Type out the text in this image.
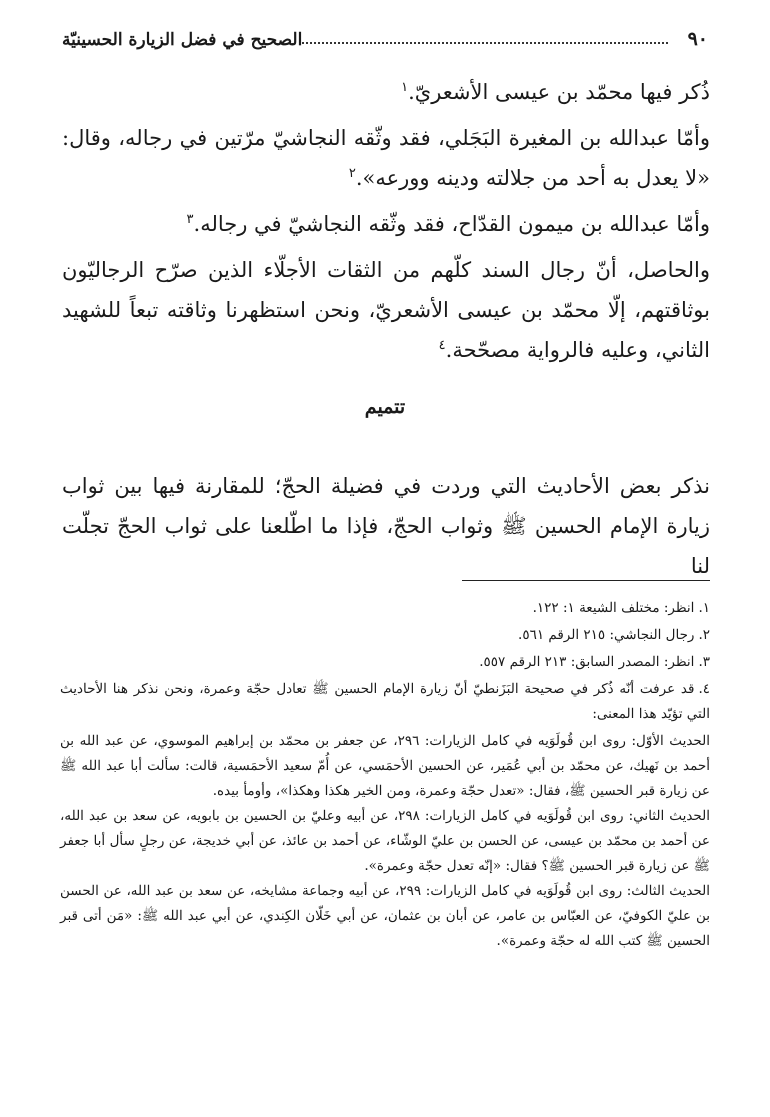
٩٠
الصحيح في فضل الزيارة الحسينيّة

ذُكر فيها محمّد بن عيسى الأشعريّ.$^١$

وأمّا عبدالله بن المغيرة البَجَلي، فقد وثّقه النجاشيّ مرّتين في رجاله، وقال: «لا يعدل به أحد من جلالته ودينه وورعه».$^٢$

وأمّا عبدالله بن ميمون القدّاح، فقد وثّقه النجاشيّ في رجاله.$^٣$

والحاصل، أنّ رجال السند كلّهم من الثقات الأجلّاء الذين صرّح الرجاليّون بوثاقتهم، إلّا محمّد بن عيسى الأشعريّ، ونحن استظهرنا وثاقته تبعاً للشهيد الثاني، وعليه فالرواية مصحّحة.$^٤$

تتميم

نذكر بعض الأحاديث التي وردت في فضيلة الحجّ؛ للمقارنة فيها بين ثواب زيارة الإمام الحسين ﷺ وثواب الحجّ، فإذا ما اطّلعنا على ثواب الحجّ تجلّت لنا

١.انظر: مختلف الشيعة ١: ١٢٢.

٢.رجال النجاشي: ٢١٥ الرقم ٥٦١.

٣.انظر: المصدر السابق: ٢١٣ الرقم ٥٥٧.

٤.قد عرفت أنّه ذُكر في صحيحة البَزَنطيّ أنّ زيارة الإمام الحسين ﷺ تعادل حجّة وعمرة، ونحن نذكر هنا الأحاديث التي تؤيّد هذا المعنى:

الحديث الأوّل: روى ابن قُولَوَيه في كامل الزيارات: ٢٩٦، عن جعفر بن محمّد بن إبراهيم الموسوي، عن عبد الله بن أحمد بن نَهيك، عن محمّد بن أبي عُمَير، عن الحسين الأحمَسي، عن أُمّ سعيد الأحمَسية، قالت: سألت أبا عبد الله ﷺ عن زيارة قبر الحسين ﷺ، فقال: «تعدل حجّة وعمرة، ومن الخير هكذا وهكذا»، وأومأ بيده.

الحديث الثاني: روى ابن قُولَوَيه في كامل الزيارات: ٢٩٨، عن أبيه وعليّ بن الحسين بن بابويه، عن سعد بن عبد الله، عن أحمد بن محمّد بن عيسى، عن الحسن بن عليّ الوشّاء، عن أحمد بن عائذ، عن أبي خديجة، عن رجلٍ سأل أبا جعفر ﷺ عن زيارة قبر الحسين ﷺ؟ فقال: «إنّه تعدل حجّة وعمرة».

الحديث الثالث: روى ابن قُولَوَيه في كامل الزيارات: ٢٩٩، عن أبيه وجماعة مشايخه، عن سعد بن عبد الله، عن الحسن بن عليّ الكوفيّ، عن العبّاس بن عامر، عن أبان بن عثمان، عن أبي خَلّان الكِندي، عن أبي عبد الله ﷺ: «مَن أتى قبر الحسين ﷺ كتب الله له حجّة وعمرة».
